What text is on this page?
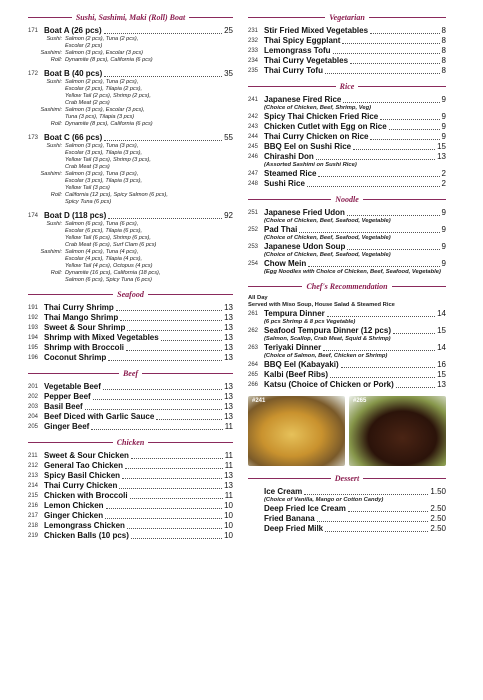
Sushi, Sashimi, Maki (Roll) Boat
171 Boat A (26 pcs)	25
Sushi: Salmon (2 pcs), Tuna (2 pcs),
Escolar (2 pcs)
Sashimi: Salmon (3 pcs), Escolar (3 pcs)
Roll: Dynamite (8 pcs), California (6 pcs)
172 Boat B (40 pcs)	35
Sushi: Salmon (2 pcs), Tuna (2 pcs),
Escolar (2 pcs), Tilapia (2 pcs),
Yellow Tail (2 pcs), Shrimp (2 pcs),
Crab Meat (2 pcs)
Sashimi: Salmon (3 pcs), Escolar (3 pcs),
Tuna (3 pcs), Tilapia (3 pcs)
Roll: Dynamite (8 pcs), California (6 pcs)
173 Boat C (66 pcs)	55
Sushi: Salmon (3 pcs), Tuna (3 pcs),
Escolar (3 pcs), Tilapia (3 pcs),
Yellow Tail (3 pcs), Shrimp (3 pcs),
Crab Meat (3 pcs)
Sashimi: Salmon (3 pcs), Tuna (3 pcs),
Escolar (3 pcs), Tilapia (3 pcs),
Yellow Tail (3 pcs)
Roll: California (12 pcs), Spicy Salmon (6 pcs),
Spicy Tuna (6 pcs)
174 Boat D (118 pcs)	92
Sushi: Salmon (6 pcs), Tuna (6 pcs),
Escolar (6 pcs), Tilapia (6 pcs),
Yellow Tail (6 pcs), Shrimp (6 pcs),
Crab Meat (6 pcs), Surf Clam (6 pcs)
Sashimi: Salmon (4 pcs), Tuna (4 pcs),
Escolar (4 pcs), Tilapia (4 pcs),
Yellow Tail (4 pcs), Octopus (4 pcs)
Roll: Dynamite (16 pcs), California (18 pcs),
Salmon (6 pcs), Spicy Tuna (6 pcs)
Seafood
191 Thai Curry Shrimp	13
192 Thai Mango Shrimp	13
193 Sweet & Sour Shrimp	13
194 Shrimp with Mixed Vegetables	13
195 Shrimp with Broccoli	13
196 Coconut Shrimp	13
Beef
201 Vegetable Beef	13
202 Pepper Beef	13
203 Basil Beef	13
204 Beef Diced with Garlic Sauce	13
205 Ginger Beef	11
Chicken
211 Sweet & Sour Chicken	11
212 General Tao Chicken	11
213 Spicy Basil Chicken	13
214 Thai Curry Chicken	13
215 Chicken with Broccoli	11
216 Lemon Chicken	10
217 Ginger Chicken	10
218 Lemongrass Chicken	10
219 Chicken Balls (10 pcs)	10
Vegetarian
231 Stir Fried Mixed Vegetables	8
232 Thai Spicy Eggplant	8
233 Lemongrass Tofu	8
234 Thai Curry Vegetables	8
235 Thai Curry Tofu	8
Rice
241 Japanese Fired Rice	9
(Choice of Chicken, Beef, Shrimp, Veg)
242 Spicy Thai Chicken Fried Rice	9
243 Chicken Cutlet with Egg on Rice	9
244 Thai Curry Chicken on Rice	9
245 BBQ Eel on Sushi Rice	15
246 Chirashi Don	13
(Assorted Sashimi on Sushi Rice)
247 Steamed Rice	2
248 Sushi Rice	2
Noodle
251 Japanese Fried Udon	9
(Choice of Chicken, Beef, Seafood, Vegetable)
252 Pad Thai	9
(Choice of Chicken, Beef, Seafood, Vegetable)
253 Japanese Udon Soup	9
(Choice of Chicken, Beef, Seafood, Vegetable)
254 Chow Mein	9
(Egg Noodles with Choice of Chicken, Beef, Seafood, Vegetable)
Chef's Recommendation
All Day
Served with Miso Soup, House Salad & Steamed Rice
261 Tempura Dinner	14
(6 pcs Shrimp & 8 pcs Vegetable)
262 Seafood Tempura Dinner (12 pcs)	15
(Salmon, Scallop, Crab Meat, Squid & Shrimp)
263 Teriyaki Dinner	14
(Choice of Salmon, Beef, Chicken or Shrimp)
264 BBQ Eel (Kabayaki)	16
265 Kalbi (Beef Ribs)	15
266 Katsu (Choice of Chicken or Pork)	13
#241	#265
Dessert
Ice Cream	1.50
(Choice of Vanilla, Mango or Cotton Candy)
Deep Fried Ice Cream	2.50
Fried Banana	2.50
Deep Fried Milk	2.50
